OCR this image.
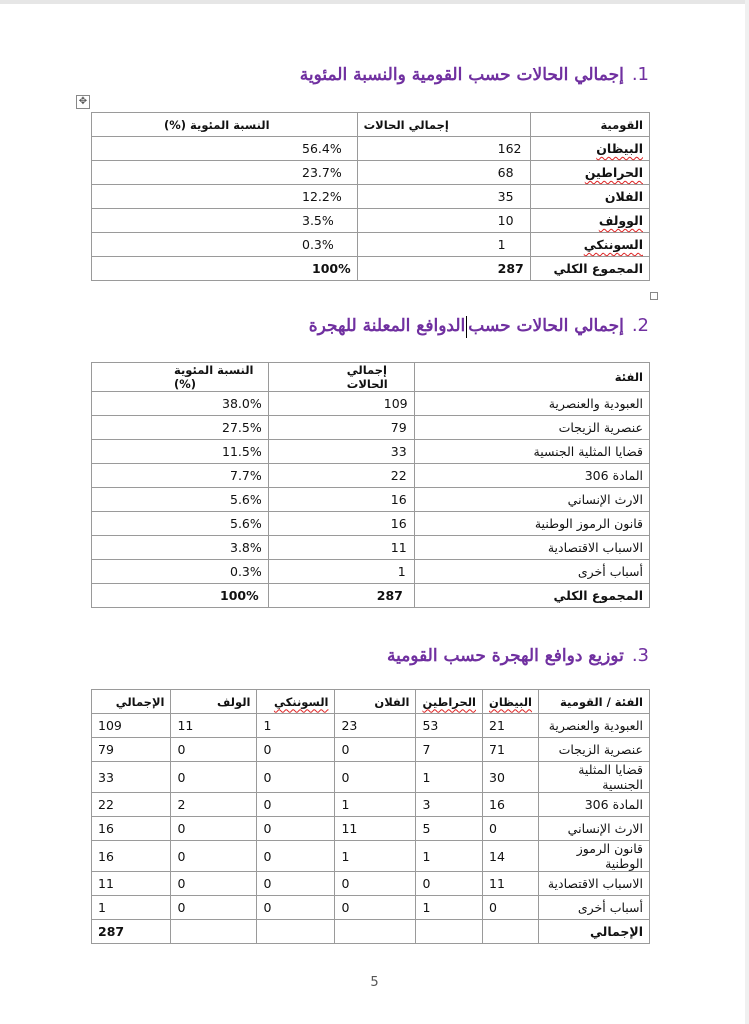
1.إجمالي الحالات حسب القومية والنسبة المئوية
✥
القومية	إجمالي الحالات	النسبة المئوية (%)
البيظان	162	56.4%
الحراطين	68	23.7%
الفلان	35	12.2%
الوولف	10	3.5%
السوننكي	1	0.3%
المجموع الكلي	287	100%
2.إجمالي الحالات حسبالدوافع المعلنة للهجرة
الفئة	إجمالي الحالات	النسبة المئوية (%)
العبودية والعنصرية	109	38.0%
عنصرية الزيجات	79	27.5%
قضايا المثلية الجنسية	33	11.5%
المادة 306	22	7.7%
الارث الإنساني	16	5.6%
قانون الرموز الوطنية	16	5.6%
الاسباب الاقتصادية	11	3.8%
أسباب أخرى	1	0.3%
المجموع الكلي	287	100%
3.توزيع دوافع الهجرة حسب القومية
الفئة / القومية	البيظان	الحراطين	الفلان	السوننكي	الولف	الإجمالي
العبودية والعنصرية	21	53	23	1	11	109
عنصرية الزيجات	71	7	0	0	0	79
قضايا المثلية الجنسية	30	1	0	0	0	33
المادة 306	16	3	1	0	2	22
الارث الإنساني	0	5	11	0	0	16
قانون الرموز الوطنية	14	1	1	0	0	16
الاسباب الاقتصادية	11	0	0	0	0	11
أسباب أخرى	0	1	0	0	0	1
الإجمالي						287
5
